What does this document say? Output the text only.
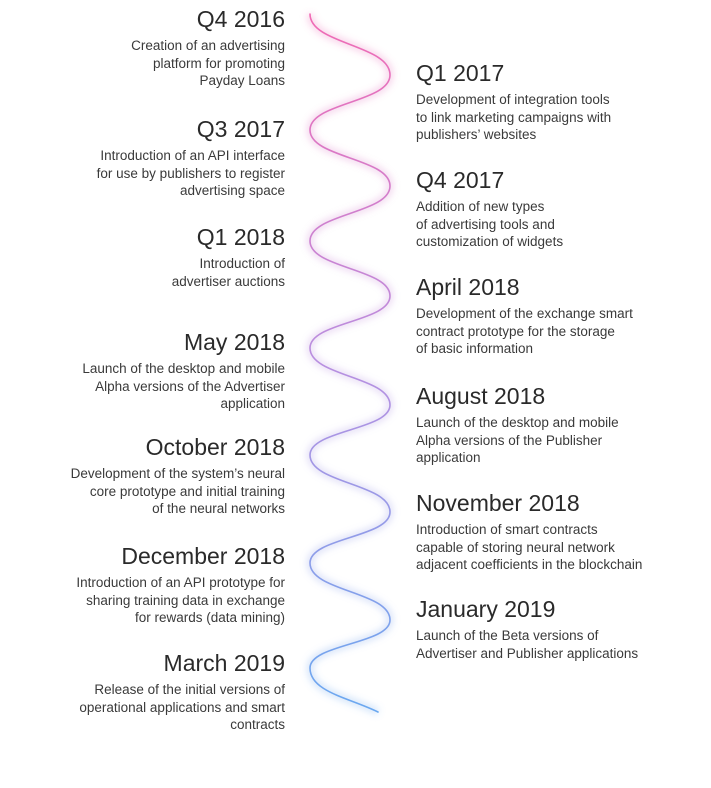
Q4 2016
Creation of an advertising
platform for promoting
Payday Loans
Q3 2017
Introduction of an API interface
for use by publishers to register
advertising space
Q1 2018
Introduction of
advertiser auctions
May 2018
Launch of the desktop and mobile
Alpha versions of the Advertiser
application
October 2018
Development of the system’s neural
core prototype and initial training
of the neural networks
December 2018
Introduction of an API prototype for
sharing training data in exchange
for rewards (data mining)
March 2019
Release of the initial versions of
operational applications and smart
contracts
Q1 2017
Development of integration tools
to link marketing campaigns with
publishers’ websites
Q4 2017
Addition of new types
of advertising tools and
customization of widgets
April 2018
Development of the exchange smart
contract prototype for the storage
of basic information
August 2018
Launch of the desktop and mobile
Alpha versions of the Publisher
application
November 2018
Introduction of smart contracts
capable of storing neural network
adjacent coefficients in the blockchain
January 2019
Launch of the Beta versions of
Advertiser and Publisher applications
